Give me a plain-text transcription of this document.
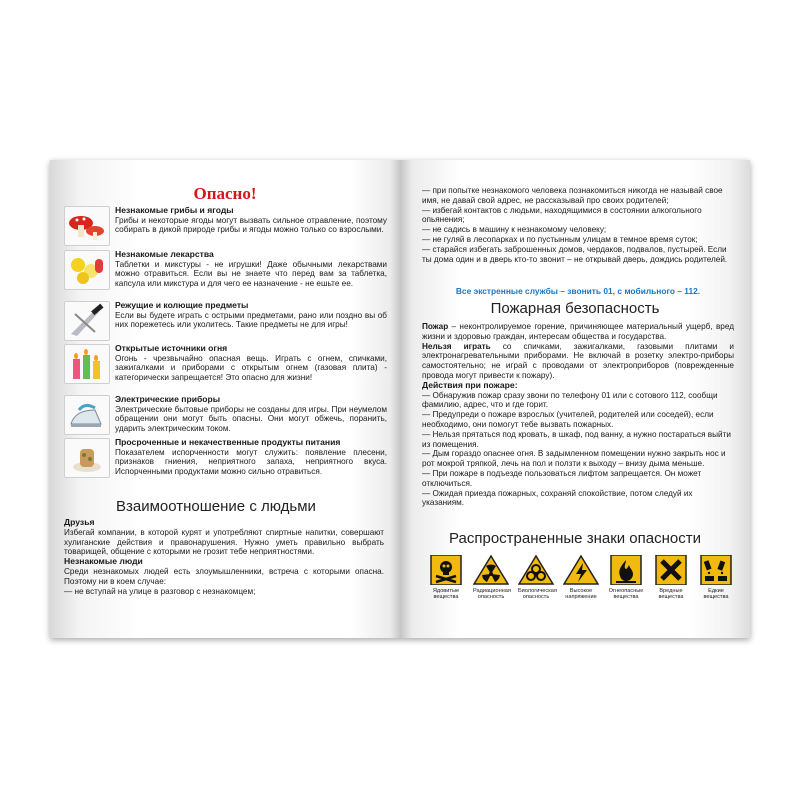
Опасно!
Незнакомые грибы и ягоды
Грибы и некоторые ягоды могут вызвать сильное отравление, поэтому собирать в дикой природе грибы и ягоды можно только со взрослыми.
Незнакомые лекарства
Таблетки и микстуры - не игрушки! Даже обычными лекарствами можно отравиться. Если вы не знаете что перед вам за таблетка, капсула или микстура и для чего ее назначение - не ешьте ее.
Режущие и колющие предметы
Если вы будете играть с острыми предметами, рано или поздно вы об них порежетесь или уколитесь. Такие предметы не для игры!
Открытые источники огня
Огонь - чрезвычайно опасная вещь. Играть с огнем, спичками, зажигалками и приборами с открытым огнем (газовая плита) - категорически запрещается! Это опасно для жизни!
Электрические приборы
Электрические бытовые приборы не созданы для игры. При неумелом обращении они могут быть опасны. Они могут обжечь, поранить, ударить электрическим током.
Просроченные и некачественные продукты питания
Показателем испорченности могут служить: появление плесени, признаков гниения, неприятного запаха, неприятного вкуса. Испорченными продуктами можно сильно отравиться.
Взаимоотношение с людьми
Друзья
Избегай компании, в которой курят и употребляют спиртные напитки, совершают хулиганские действия и правонарушения. Нужно уметь правильно выбрать товарищей, общение с которыми не грозит тебе неприятностями.
Незнакомые люди
Среди незнакомых людей есть злоумышленники, встреча с которыми опасна. Поэтому ни в коем случае:
— не вступай на улице в разговор с незнакомцем;
— при попытке незнакомого человека познакомиться никогда не называй свое имя, не давай свой адрес, не рассказывай про своих родителей;
— избегай контактов с людьми, находящимися в состоянии алкогольного опьянения;
— не садись в машину к незнакомому человеку;
— не гуляй в лесопарках и по пустынным улицам в темное время суток;
— старайся избегать заброшенных домов, чердаков, подвалов, пустырей. Если ты дома один и в дверь кто-то звонит – не открывай дверь, дождись родителей.
Все экстренные службы – звонить 01, с мобильного – 112.
Пожарная безопасность
Пожар – неконтролируемое горение, причиняющее материальный ущерб, вред жизни и здоровью граждан, интересам общества и государства.
Нельзя играть со спичками, зажигалками, газовыми плитами и электронагревательными приборами. Не включай в розетку электро-приборы самостоятельно; не играй с проводами от электроприборов (поврежденные провода могут привести к пожару).
Действия при пожаре:
— Обнаружив пожар сразу звони по телефону 01 или с сотового 112, сообщи фамилию, адрес, что и где горит.
— Предупреди о пожаре взрослых (учителей, родителей или соседей), если необходимо, они помогут тебе вызвать пожарных.
— Нельзя прятаться под кровать, в шкаф, под ванну, а нужно постараться выйти из помещения.
— Дым гораздо опаснее огня. В задымленном помещении нужно закрыть нос и рот мокрой тряпкой, лечь на пол и ползти к выходу – внизу дыма меньше.
— При пожаре в подъезде пользоваться лифтом запрещается. Он может отключиться.
— Ожидая приезда пожарных, сохраняй спокойствие, потом следуй их указаниям.
Распространенные знаки опасности
Ядовитые вещества
Радиационная опасность
Биологическая опасность
Высокое напряжение
Огнеопасные вещества
Вредные вещества
Едкие вещества
